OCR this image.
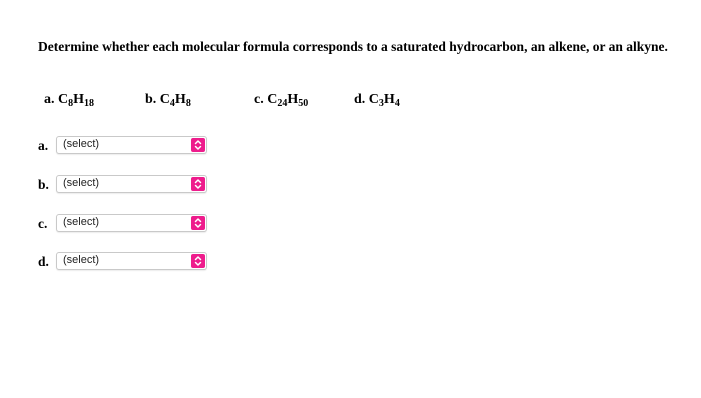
Determine whether each molecular formula corresponds to a saturated hydrocarbon, an alkene, or an alkyne.
a. $C_8H_{18}$	b. $C_4H_8$	c. $C_{24}H_{50}$	d. $C_3H_4$
a. (select)
b. (select)
c. (select)
d. (select)
